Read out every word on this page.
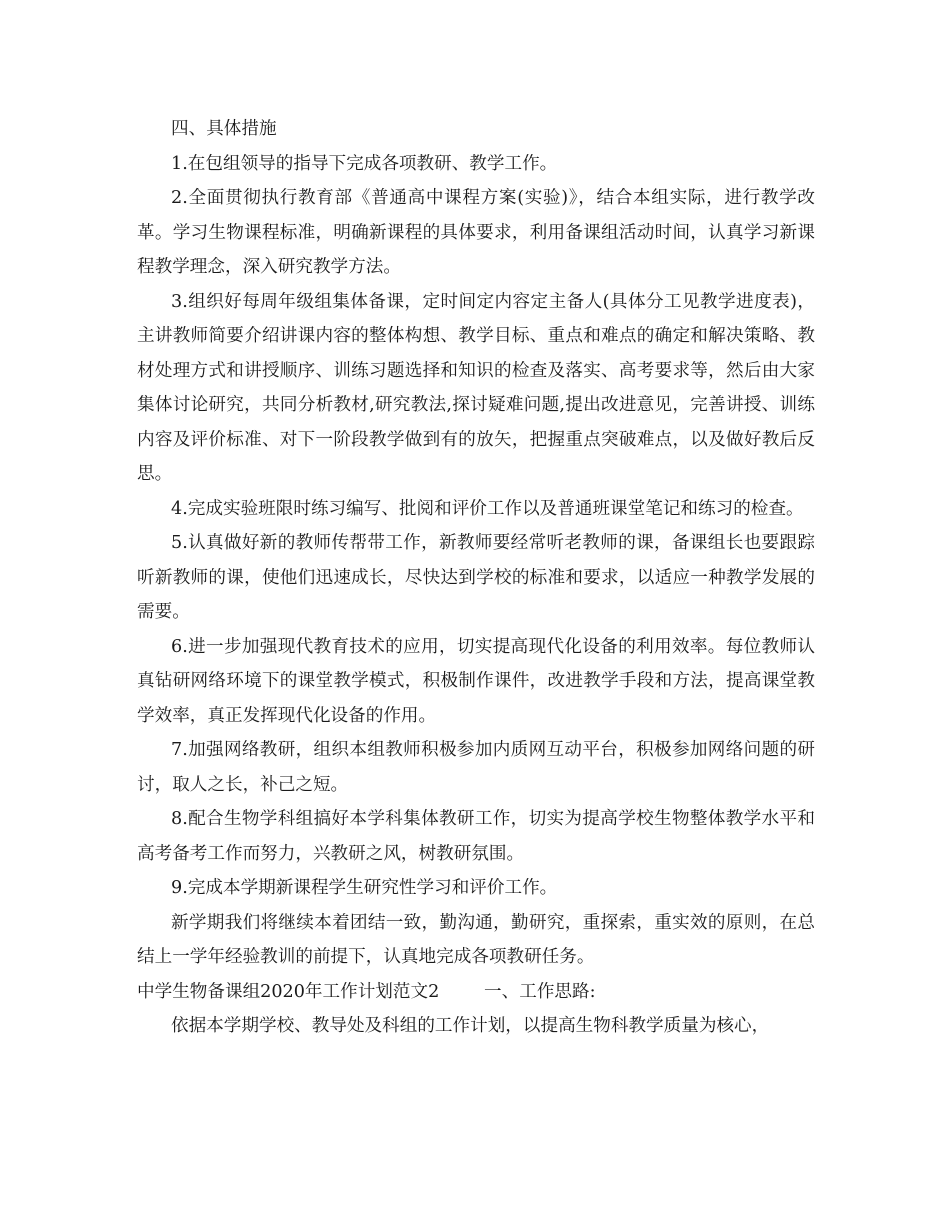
四、具体措施

1.在包组领导的指导下完成各项教研、教学工作。

2.全面贯彻执行教育部《普通高中课程方案(实验)》，结合本组实际，进行教学改革。学习生物课程标准，明确新课程的具体要求，利用备课组活动时间，认真学习新课程教学理念，深入研究教学方法。

3.组织好每周年级组集体备课，定时间定内容定主备人(具体分工见教学进度表)，主讲教师简要介绍讲课内容的整体构想、教学目标、重点和难点的确定和解决策略、教材处理方式和讲授顺序、训练习题选择和知识的检查及落实、高考要求等，然后由大家集体讨论研究，共同分析教材,研究教法,探讨疑难问题,提出改进意见，完善讲授、训练内容及评价标准、对下一阶段教学做到有的放矢，把握重点突破难点，以及做好教后反思。

4.完成实验班限时练习编写、批阅和评价工作以及普通班课堂笔记和练习的检查。

5.认真做好新的教师传帮带工作，新教师要经常听老教师的课，备课组长也要跟踪听新教师的课，使他们迅速成长，尽快达到学校的标准和要求，以适应一种教学发展的需要。

6.进一步加强现代教育技术的应用，切实提高现代化设备的利用效率。每位教师认真钻研网络环境下的课堂教学模式，积极制作课件，改进教学手段和方法，提高课堂教学效率，真正发挥现代化设备的作用。

7.加强网络教研，组织本组教师积极参加内质网互动平台，积极参加网络问题的研讨，取人之长，补己之短。

8.配合生物学科组搞好本学科集体教研工作，切实为提高学校生物整体教学水平和高考备考工作而努力，兴教研之风，树教研氛围。

9.完成本学期新课程学生研究性学习和评价工作。

新学期我们将继续本着团结一致，勤沟通，勤研究，重探索，重实效的原则，在总结上一学年经验教训的前提下，认真地完成各项教研任务。

中学生物备课组2020年工作计划范文2	一、工作思路:

依据本学期学校、教导处及科组的工作计划，以提高生物科教学质量为核心，
